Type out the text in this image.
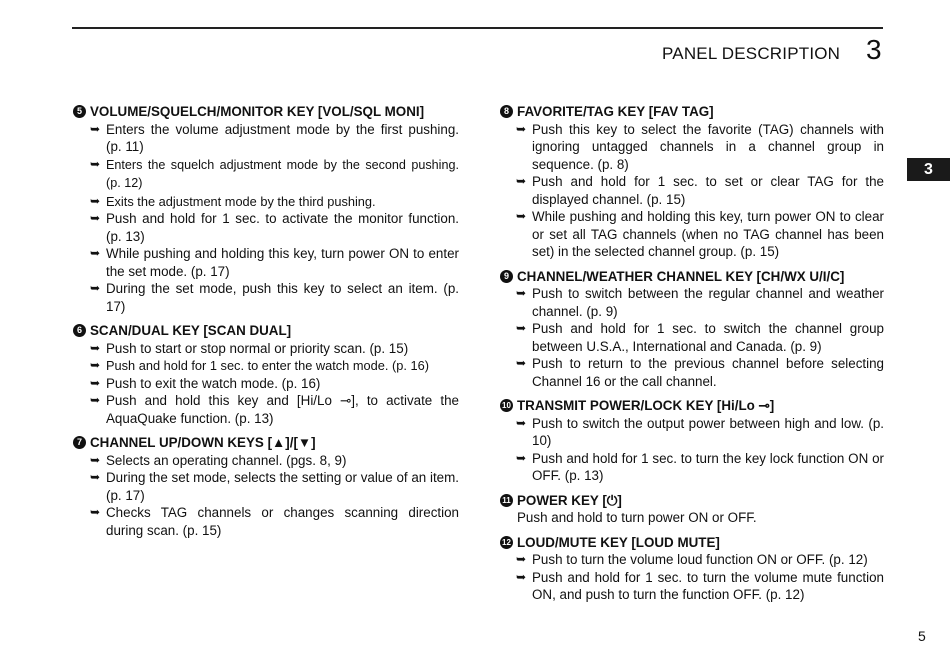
PANEL DESCRIPTION 3
3
5 VOLUME/SQUELCH/MONITOR KEY [VOL/SQL MONI]
➥ Enters the volume adjustment mode by the first pushing. (p. 11)
➥ Enters the squelch adjustment mode by the second pushing. (p. 12)
➥ Exits the adjustment mode by the third pushing.
➥ Push and hold for 1 sec. to activate the monitor function. (p. 13)
➥ While pushing and holding this key, turn power ON to enter the set mode. (p. 17)
➥ During the set mode, push this key to select an item. (p. 17)
6 SCAN/DUAL KEY [SCAN DUAL]
➥ Push to start or stop normal or priority scan. (p. 15)
➥ Push and hold for 1 sec. to enter the watch mode. (p. 16)
➥ Push to exit the watch mode. (p. 16)
➥ Push and hold this key and [Hi/Lo ⊸], to activate the AquaQuake function. (p. 13)
7 CHANNEL UP/DOWN KEYS [▲]/[▼]
➥ Selects an operating channel. (pgs. 8, 9)
➥ During the set mode, selects the setting or value of an item. (p. 17)
➥ Checks TAG channels or changes scanning direction during scan. (p. 15)
8 FAVORITE/TAG KEY [FAV TAG]
➥ Push this key to select the favorite (TAG) channels with ignoring untagged channels in a channel group in sequence. (p. 8)
➥ Push and hold for 1 sec. to set or clear TAG for the displayed channel. (p. 15)
➥ While pushing and holding this key, turn power ON to clear or set all TAG channels (when no TAG channel has been set) in the selected channel group. (p. 15)
9 CHANNEL/WEATHER CHANNEL KEY [CH/WX U/I/C]
➥ Push to switch between the regular channel and weather channel. (p. 9)
➥ Push and hold for 1 sec. to switch the channel group between U.S.A., International and Canada. (p. 9)
➥ Push to return to the previous channel before selecting Channel 16 or the call channel.
10 TRANSMIT POWER/LOCK KEY [Hi/Lo ⊸]
➥ Push to switch the output power between high and low. (p. 10)
➥ Push and hold for 1 sec. to turn the key lock function ON or OFF. (p. 13)
11 POWER KEY [⏻]
Push and hold to turn power ON or OFF.
12 LOUD/MUTE KEY [LOUD MUTE]
➥ Push to turn the volume loud function ON or OFF. (p. 12)
➥ Push and hold for 1 sec. to turn the volume mute function ON, and push to turn the function OFF. (p. 12)
5
